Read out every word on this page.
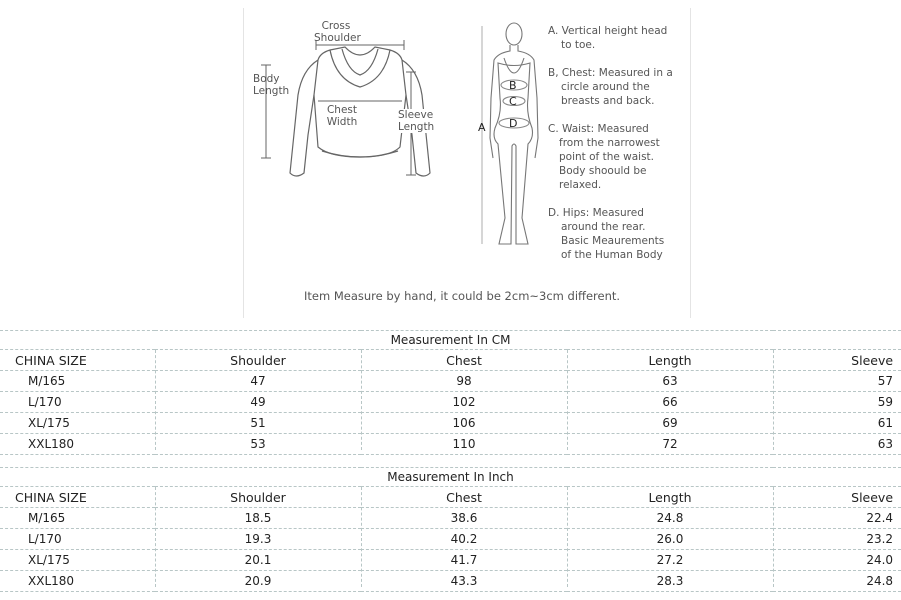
Cross
Shoulder
Body
Length
Chest
Width
Sleeve
Length	A
B
C
D
A. Vertical height head
to toe.
B, Chest: Measured in a
circle around the
breasts and back.
C. Waist: Measured
from the narrowest
point of the waist.
Body shoould be
relaxed.
D. Hips: Measured
around the rear.
Basic Meaurements
of the Human Body
Item Measure by hand, it could be 2cm~3cm different.
Measurement In CM				
CHINA SIZE	Shoulder	Chest	Length	Sleeve
M/165	47	98	63	57
L/170	49	102	66	59
XL/175	51	106	69	61
XXL180	53	110	72	63

Measurement In Inch				
CHINA SIZE	Shoulder	Chest	Length	Sleeve
M/165	18.5	38.6	24.8	22.4
L/170	19.3	40.2	26.0	23.2
XL/175	20.1	41.7	27.2	24.0
XXL180	20.9	43.3	28.3	24.8
